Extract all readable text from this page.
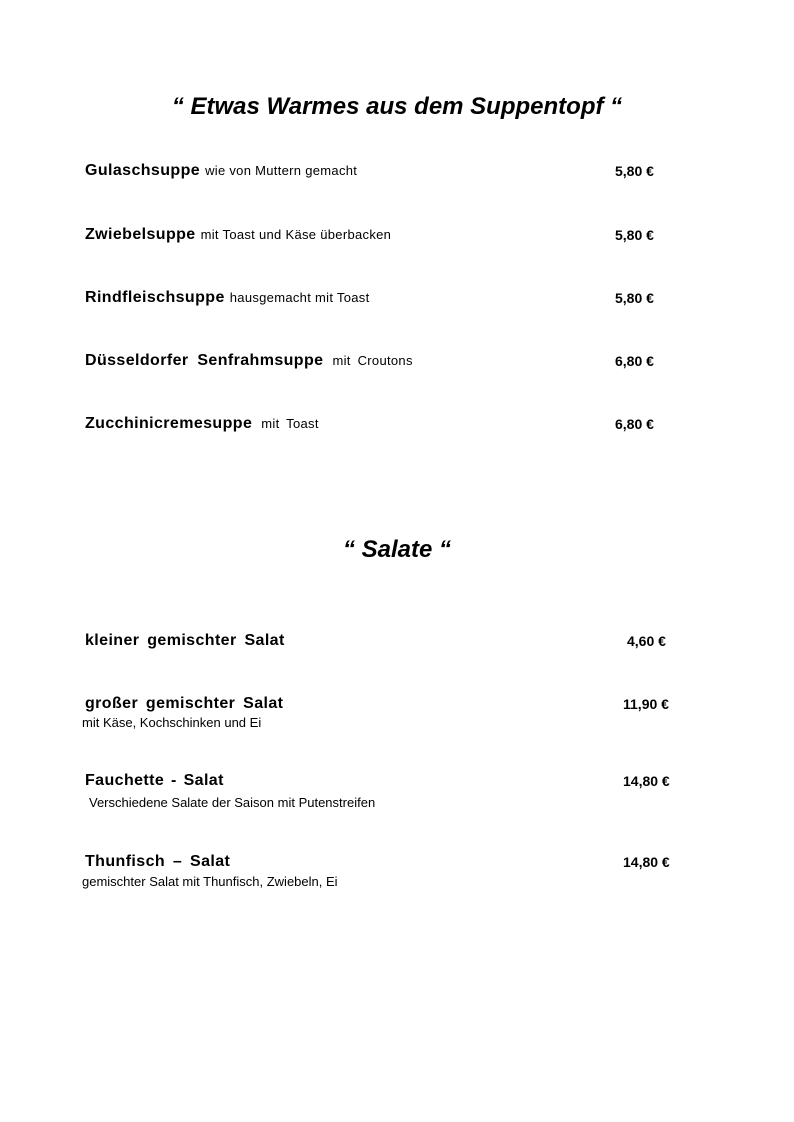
“ Etwas Warmes aus dem Suppentopf “
Gulaschsuppe wie von Muttern gemacht	5,80 €
Zwiebelsuppe mit Toast und Käse überbacken	5,80 €
Rindfleischsuppe hausgemacht mit Toast	5,80 €
Düsseldorfer Senfrahmsuppe mit Croutons	6,80 €
Zucchinicremesuppe mit Toast	6,80 €
“ Salate “
kleiner gemischter Salat	4,60 €
großer gemischter Salat	11,90 €
mit Käse, Kochschinken und Ei
Fauchette - Salat	14,80 €
Verschiedene Salate der Saison mit Putenstreifen
Thunfisch – Salat	14,80 €
gemischter Salat mit Thunfisch, Zwiebeln, Ei
